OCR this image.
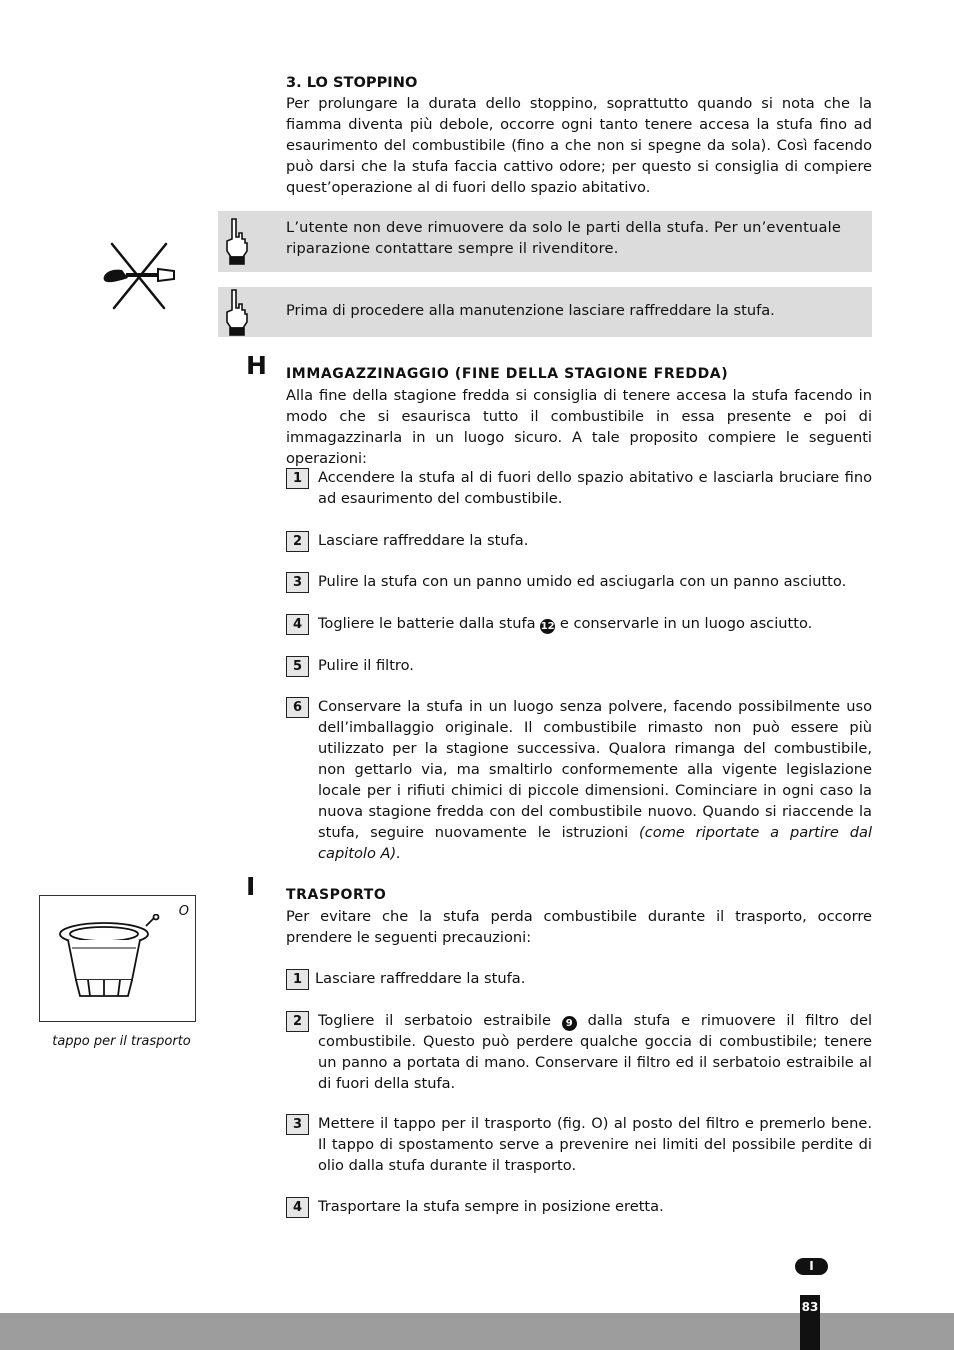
3. LO STOPPINO
Per prolungare la durata dello stoppino, soprattutto quando si nota che la fiamma diventa più debole, occorre ogni tanto tenere accesa la stufa fino ad esaurimento del combustibile (fino a che non si spegne da sola). Così facendo può darsi che la stufa faccia cattivo odore; per questo si consiglia di compiere quest’operazione al di fuori dello spazio abitativo.
L’utente non deve rimuovere da solo le parti della stufa. Per un’eventuale riparazione contattare sempre il rivenditore.
Prima di procedere alla manutenzione lasciare raffreddare la stufa.
H IMMAGAZZINAGGIO (FINE DELLA STAGIONE FREDDA)
Alla fine della stagione fredda si consiglia di tenere accesa la stufa facendo in modo che si esaurisca tutto il combustibile in essa presente e poi di immagazzinarla in un luogo sicuro. A tale proposito compiere le seguenti operazioni:
1	Accendere la stufa al di fuori dello spazio abitativo e lasciarla bruciare fino ad esaurimento del combustibile.
2	Lasciare raffreddare la stufa.
3	Pulire la stufa con un panno umido ed asciugarla con un panno asciutto.
4	Togliere le batterie dalla stufa 12 e conservarle in un luogo asciutto.
5	Pulire il filtro.
6	Conservare la stufa in un luogo senza polvere, facendo possibilmente uso dell’imballaggio originale. Il combustibile rimasto non può essere più utilizzato per la stagione successiva. Qualora rimanga del combustibile, non gettarlo via, ma smaltirlo conformemente alla vigente legislazione locale per i rifiuti chimici di piccole dimensioni. Cominciare in ogni caso la nuova stagione fredda con del combustibile nuovo. Quando si riaccende la stufa, seguire nuovamente le istruzioni (come riportate a partire dal capitolo A).
I TRASPORTO
Per evitare che la stufa perda combustibile durante il trasporto, occorre prendere le seguenti precauzioni:
1 Lasciare raffreddare la stufa.
2	Togliere il serbatoio estraibile 9 dalla stufa e rimuovere il filtro del combustibile. Questo può perdere qualche goccia di combustibile; tenere un panno a portata di mano. Conservare il filtro ed il serbatoio estraibile al di fuori della stufa.
3	Mettere il tappo per il trasporto (fig. O) al posto del filtro e premerlo bene. Il tappo di spostamento serve a prevenire nei limiti del possibile perdite di olio dalla stufa durante il trasporto.
4	Trasportare la stufa sempre in posizione eretta.
O
tappo per il trasporto
I
83
